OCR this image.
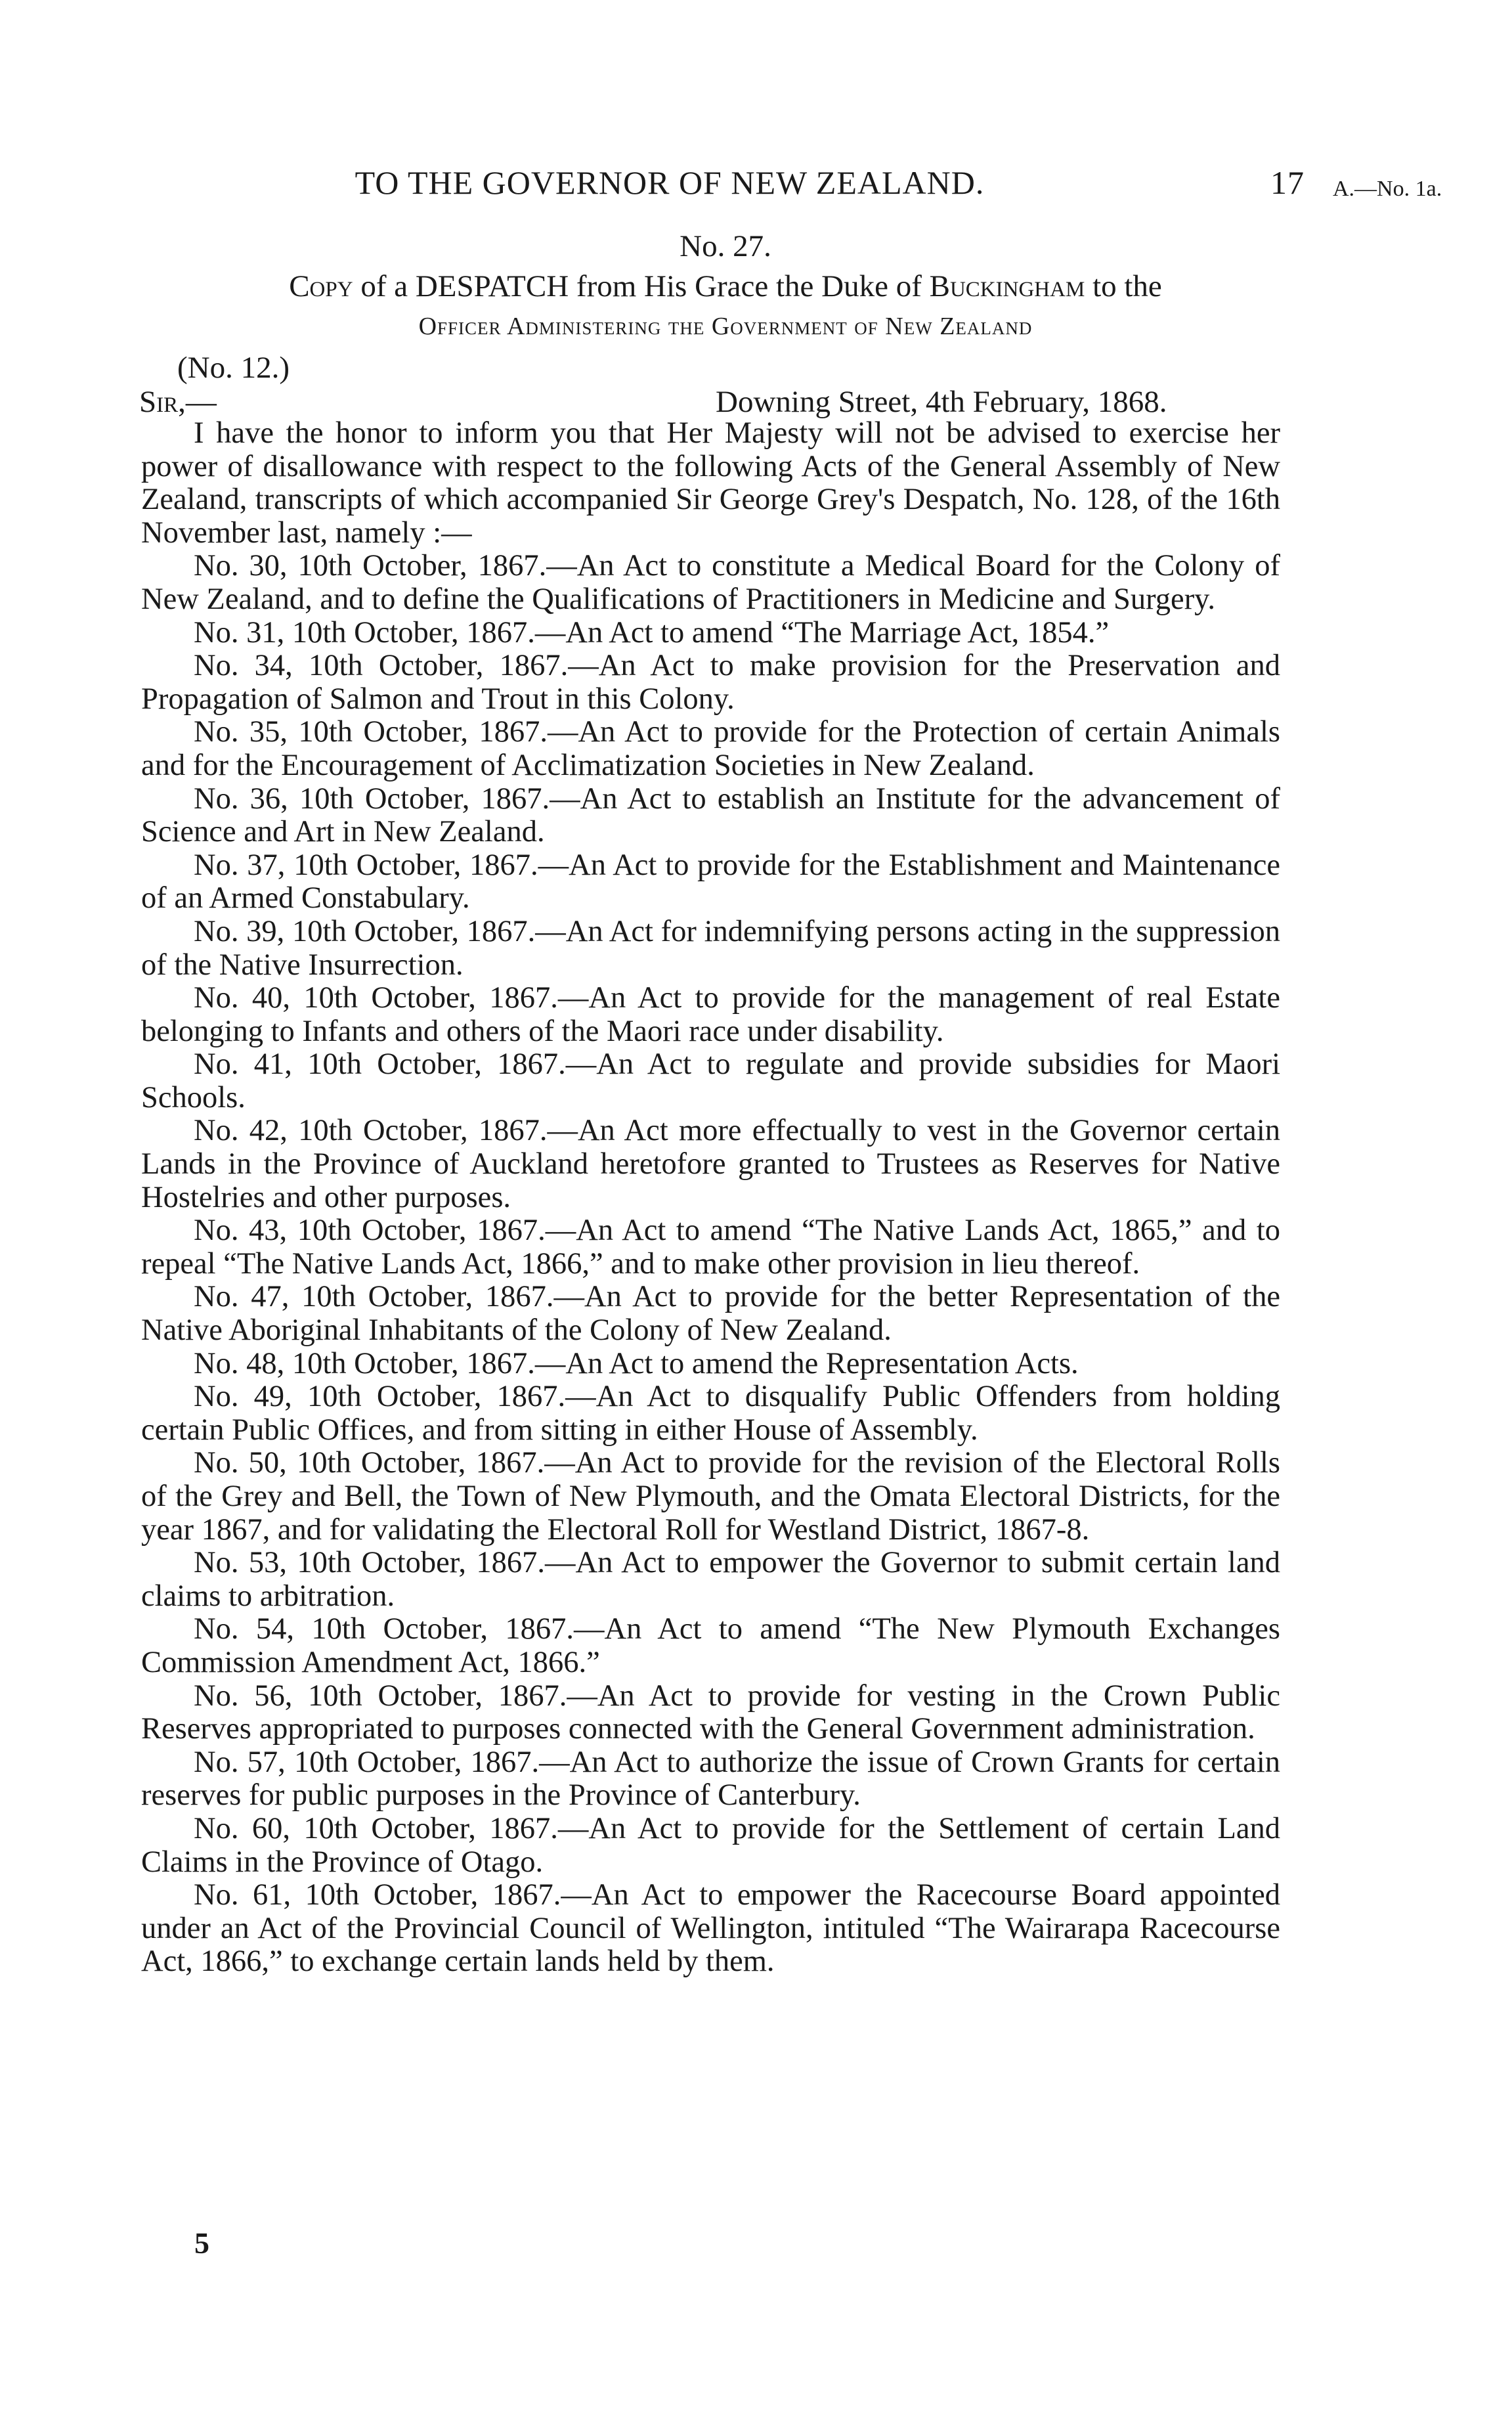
TO THE GOVERNOR OF NEW ZEALAND.	17 A.—No. 1a.
No. 27.
Copy of a DESPATCH from His Grace the Duke of Buckingham to the
Officer Administering the Government of New Zealand
(No. 12.)
Sir,—	Downing Street, 4th February, 1868.

I have the honor to inform you that Her Majesty will not be advised to exercise her power of disallowance with respect to the following Acts of the General Assembly of New Zealand, transcripts of which accompanied Sir George Grey's Despatch, No. 128, of the 16th November last, namely :—

No. 30, 10th October, 1867.—An Act to constitute a Medical Board for the Colony of New Zealand, and to define the Qualifications of Practitioners in Medicine and Surgery.

No. 31, 10th October, 1867.—An Act to amend “The Marriage Act, 1854.”

No. 34, 10th October, 1867.—An Act to make provision for the Preservation and Propagation of Salmon and Trout in this Colony.

No. 35, 10th October, 1867.—An Act to provide for the Protection of certain Animals and for the Encouragement of Acclimatization Societies in New Zealand.

No. 36, 10th October, 1867.—An Act to establish an Institute for the advancement of Science and Art in New Zealand.

No. 37, 10th October, 1867.—An Act to provide for the Establishment and Maintenance of an Armed Constabulary.

No. 39, 10th October, 1867.—An Act for indemnifying persons acting in the suppression of the Native Insurrection.

No. 40, 10th October, 1867.—An Act to provide for the management of real Estate belonging to Infants and others of the Maori race under disability.

No. 41, 10th October, 1867.—An Act to regulate and provide subsidies for Maori Schools.

No. 42, 10th October, 1867.—An Act more effectually to vest in the Governor certain Lands in the Province of Auckland heretofore granted to Trustees as Reserves for Native Hostelries and other purposes.

No. 43, 10th October, 1867.—An Act to amend “The Native Lands Act, 1865,” and to repeal “The Native Lands Act, 1866,” and to make other provision in lieu thereof.

No. 47, 10th October, 1867.—An Act to provide for the better Representation of the Native Aboriginal Inhabitants of the Colony of New Zealand.

No. 48, 10th October, 1867.—An Act to amend the Representation Acts.

No. 49, 10th October, 1867.—An Act to disqualify Public Offenders from holding certain Public Offices, and from sitting in either House of Assembly.

No. 50, 10th October, 1867.—An Act to provide for the revision of the Electoral Rolls of the Grey and Bell, the Town of New Plymouth, and the Omata Electoral Districts, for the year 1867, and for validating the Electoral Roll for Westland District, 1867-8.

No. 53, 10th October, 1867.—An Act to empower the Governor to submit certain land claims to arbitration.

No. 54, 10th October, 1867.—An Act to amend “The New Plymouth Exchanges Commission Amendment Act, 1866.”

No. 56, 10th October, 1867.—An Act to provide for vesting in the Crown Public Reserves appropriated to purposes connected with the General Government administration.

No. 57, 10th October, 1867.—An Act to authorize the issue of Crown Grants for certain reserves for public purposes in the Province of Canterbury.

No. 60, 10th October, 1867.—An Act to provide for the Settlement of certain Land Claims in the Province of Otago.

No. 61, 10th October, 1867.—An Act to empower the Racecourse Board appointed under an Act of the Provincial Council of Wellington, intituled “The Wairarapa Racecourse Act, 1866,” to exchange certain lands held by them.

5
